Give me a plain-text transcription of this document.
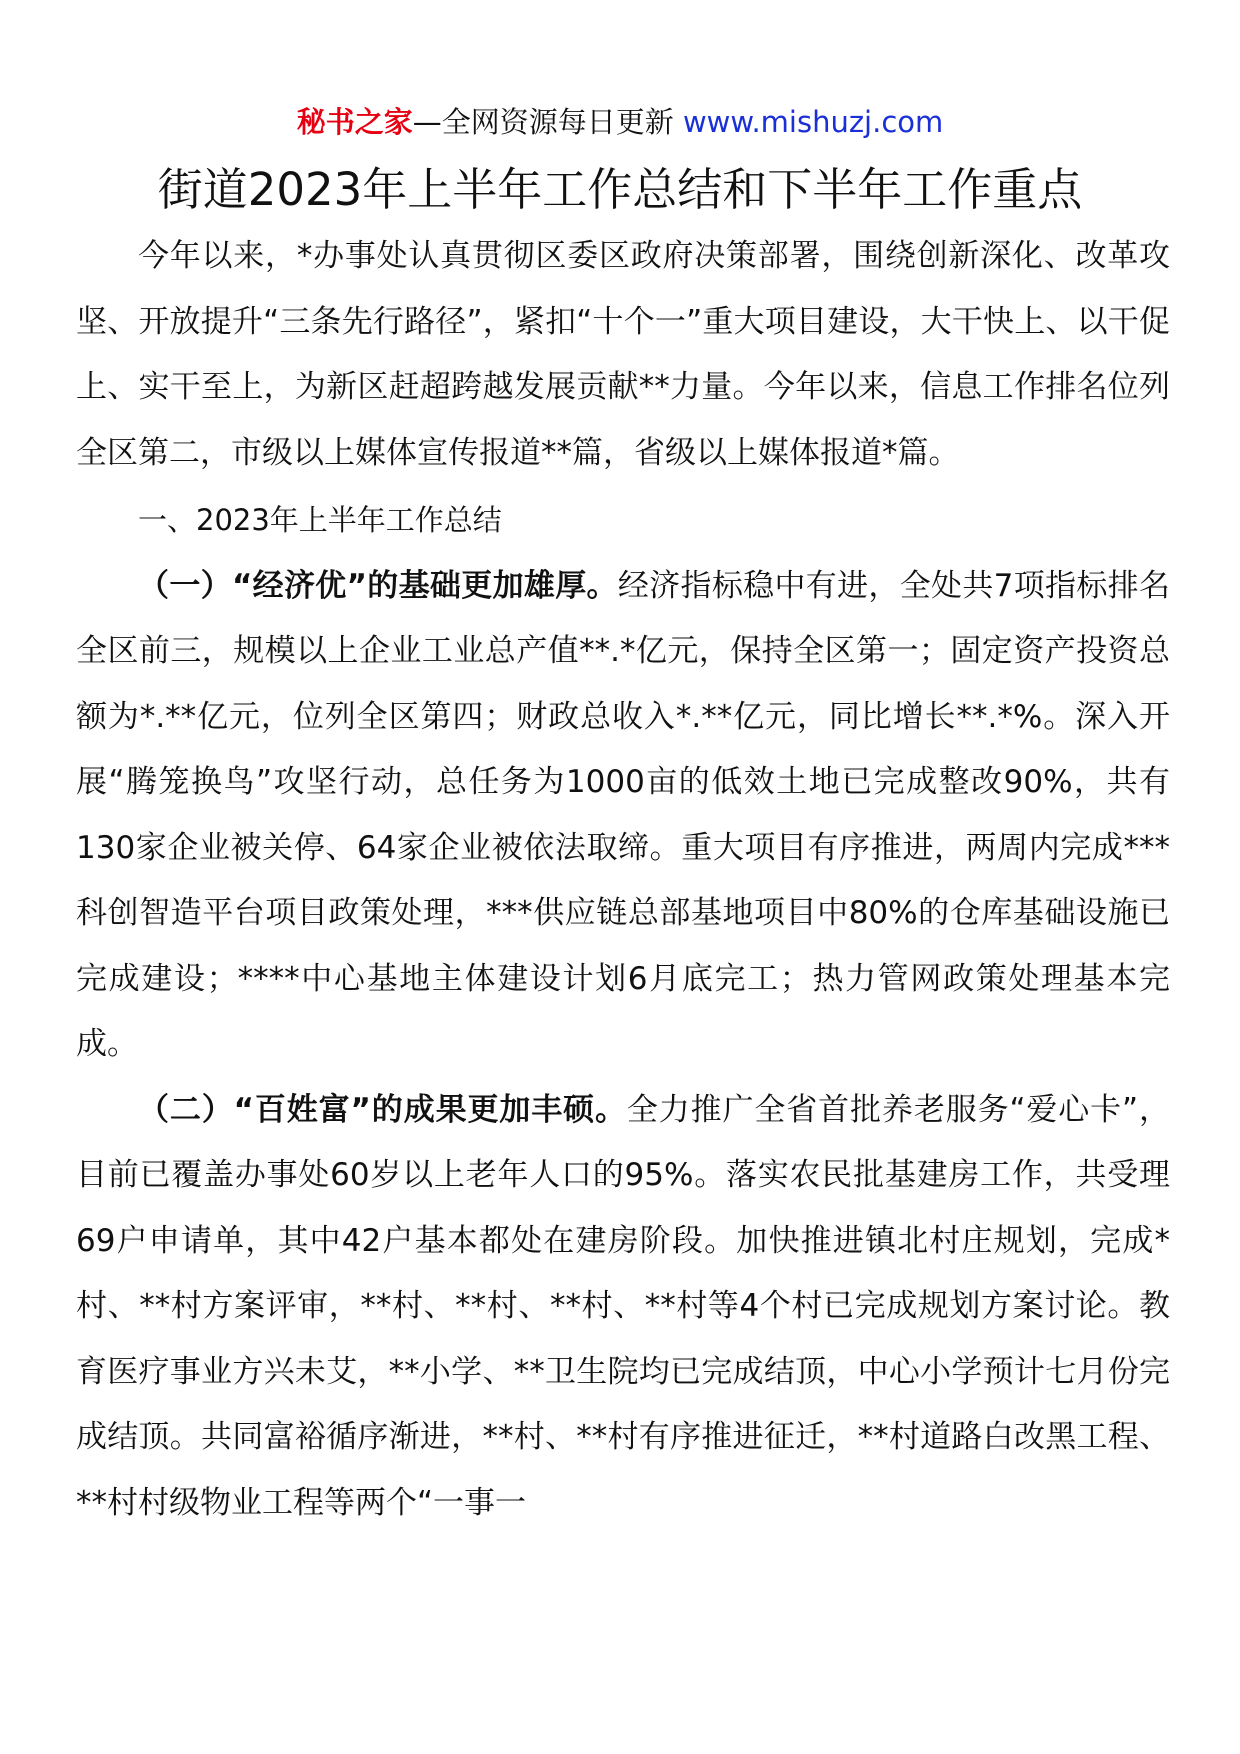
秘书之家—全网资源每日更新 www.mishuzj.com
街道2023年上半年工作总结和下半年工作重点

今年以来，*办事处认真贯彻区委区政府决策部署，围绕创新深化、改革攻坚、开放提升“三条先行路径”，紧扣“十个一”重大项目建设，大干快上、以干促上、实干至上，为新区赶超跨越发展贡献**力量。今年以来，信息工作排名位列全区第二，市级以上媒体宣传报道**篇，省级以上媒体报道*篇。

一、2023年上半年工作总结

（一）“经济优”的基础更加雄厚。经济指标稳中有进，全处共7项指标排名全区前三，规模以上企业工业总产值**.*亿元，保持全区第一；固定资产投资总额为*.**亿元，位列全区第四；财政总收入*.**亿元，同比增长**.*%。深入开展“腾笼换鸟”攻坚行动，总任务为1000亩的低效土地已完成整改90%，共有130家企业被关停、64家企业被依法取缔。重大项目有序推进，两周内完成***科创智造平台项目政策处理，***供应链总部基地项目中80%的仓库基础设施已完成建设；****中心基地主体建设计划6月底完工；热力管网政策处理基本完成。

（二）“百姓富”的成果更加丰硕。全力推广全省首批养老服务“爱心卡”，目前已覆盖办事处60岁以上老年人口的95%。落实农民批基建房工作，共受理69户申请单，其中42户基本都处在建房阶段。加快推进镇北村庄规划，完成*村、**村方案评审，**村、**村、**村、**村等4个村已完成规划方案讨论。教育医疗事业方兴未艾，**小学、**卫生院均已完成结顶，中心小学预计七月份完成结顶。共同富裕循序渐进，**村、**村有序推进征迁，**村道路白改黑工程、**村村级物业工程等两个“一事一
